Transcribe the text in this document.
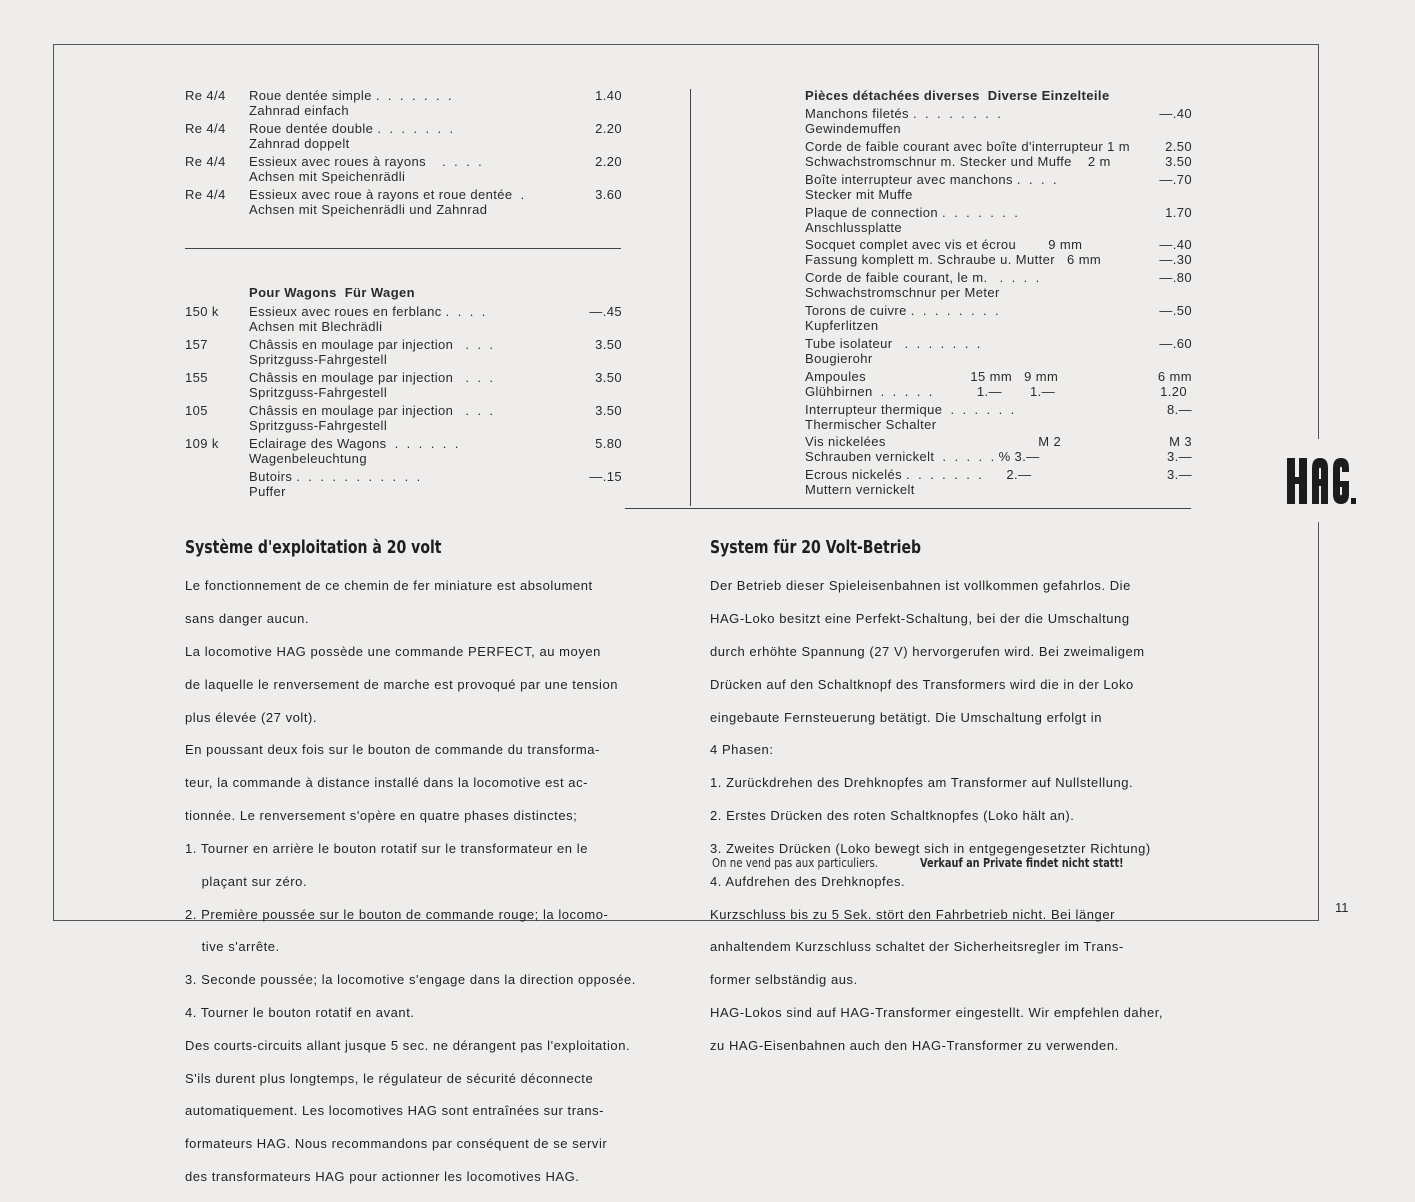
11
Re 4/4 Roue dentée simple .  .  .  .  .  .  .
Zahnrad einfach
1.40
Re 4/4 Roue dentée double .  .  .  .  .  .  .
Zahnrad doppelt
2.20
Re 4/4 Essieux avec roues à rayons    .  .  .  .
Achsen mit Speichenrädli
2.20
Re 4/4 Essieux avec roue à rayons et roue dentée  .
Achsen mit Speichenrädli und Zahnrad
3.60
Pour Wagons  Für Wagen
150 k Essieux avec roues en ferblanc .  .  .  .
Achsen mit Blechrädli
—.45
157	Châssis en moulage par injection   .  .  .
Spritzguss-Fahrgestell
3.50
155	Châssis en moulage par injection   .  .  .
Spritzguss-Fahrgestell
3.50
105	Châssis en moulage par injection   .  .  .
Spritzguss-Fahrgestell
3.50
109 k Eclairage des Wagons  .  .  .  .  .  .
Wagenbeleuchtung
5.80
Butoirs .  .  .  .  .  .  .  .  .  .  .
Puffer
—.15
Pièces détachées diverses  Diverse Einzelteile
Manchons filetés .  .  .  .  .  .  .  .	—.40
Gewindemuffen
Corde de faible courant avec boîte d'interrupteur 1 m	2.50
Schwachstromschnur m. Stecker und Muffe    2 m	3.50
Boîte interrupteur avec manchons .  .  .  .	—.70
Stecker mit Muffe
Plaque de connection .  .  .  .  .  .  .	1.70
Anschlussplatte
Socquet complet avec vis et écrou        9 mm	—.40
Fassung komplett m. Schraube u. Mutter   6 mm	—.30
Corde de faible courant, le m.   .  .  .  .	—.80
Schwachstromschnur per Meter
Torons de cuivre .  .  .  .  .  .  .  .	—.50
Kupferlitzen
Tube isolateur   .  .  .  .  .  .  .	—.60
Bougierohr
Ampoules                          15 mm   9 mm	6 mm
Glühbirnen  .  .  .  .  .           1.—       1.—	1.20
Interrupteur thermique  .  .  .  .  .  .	8.—
Thermischer Schalter
Vis nickelées                                      M 2	M 3
Schrauben vernickelt  .  .  .  .  . % 3.—	3.—
Ecrous nickelés .  .  .  .  .  .  .      2.—	3.—
Muttern vernickelt
Système d'exploitation à 20 volt

Le fonctionnement de ce chemin de fer miniature est absolument

sans danger aucun.

La locomotive HAG possède une commande PERFECT, au moyen

de laquelle le renversement de marche est provoqué par une tension

plus élevée (27 volt).

En poussant deux fois sur le bouton de commande du transforma-

teur, la commande à distance installé dans la locomotive est ac-

tionnée. Le renversement s'opère en quatre phases distinctes;

1. Tourner en arrière le bouton rotatif sur le transformateur en le

plaçant sur zéro.

2. Première poussée sur le bouton de commande rouge; la locomo-

tive s'arrête.

3. Seconde poussée; la locomotive s'engage dans la direction opposée.

4. Tourner le bouton rotatif en avant.

Des courts-circuits allant jusque 5 sec. ne dérangent pas l'exploitation.

S'ils durent plus longtemps, le régulateur de sécurité déconnecte

automatiquement. Les locomotives HAG sont entraînées sur trans-

formateurs HAG. Nous recommandons par conséquent de se servir

des transformateurs HAG pour actionner les locomotives HAG.

System für 20 Volt-Betrieb

Der Betrieb dieser Spieleisenbahnen ist vollkommen gefahrlos. Die

HAG-Loko besitzt eine Perfekt-Schaltung, bei der die Umschaltung

durch erhöhte Spannung (27 V) hervorgerufen wird. Bei zweimaligem

Drücken auf den Schaltknopf des Transformers wird die in der Loko

eingebaute Fernsteuerung betätigt. Die Umschaltung erfolgt in

4 Phasen:

1. Zurückdrehen des Drehknopfes am Transformer auf Nullstellung.

2. Erstes Drücken des roten Schaltknopfes (Loko hält an).

3. Zweites Drücken (Loko bewegt sich in entgegengesetzter Richtung)

4. Aufdrehen des Drehknopfes.

Kurzschluss bis zu 5 Sek. stört den Fahrbetrieb nicht. Bei länger

anhaltendem Kurzschluss schaltet der Sicherheitsregler im Trans-

former selbständig aus.

HAG-Lokos sind auf HAG-Transformer eingestellt. Wir empfehlen daher,

zu HAG-Eisenbahnen auch den HAG-Transformer zu verwenden.

On ne vend pas aux particuliers.	Verkauf an Private findet nicht statt!
